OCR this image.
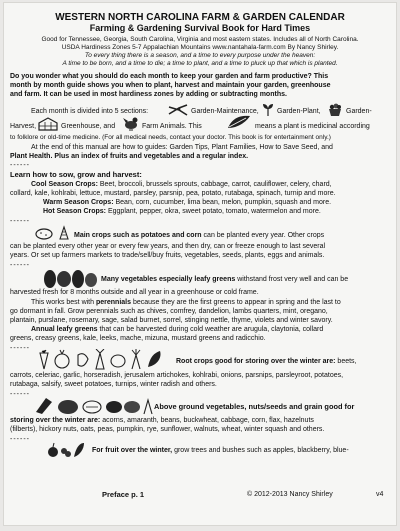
WESTERN NORTH CAROLINA FARM & GARDEN CALENDAR
Farming & Gardening Survival Book for Hard Times
Good for Tennessee, Georgia, South Carolina, Virginia and most eastern states. Includes all of North Carolina.
USDA Hardiness Zones 5-7 Appalachian Mountains www.nantahala-farm.com By Nancy Shirley.
To every thing there is a season, and a time to every purpose under the heaven:
A time to be born, and a time to die; a time to plant, and a time to pluck up that which is planted.
Do you wonder what you should do each month to keep your garden and farm productive? This
month by month guide shows you when to plant, harvest and maintain your garden, greenhouse
and farm. It can be used in most hardiness zones by adding or subtracting months.
Each month is divided into 5 sections:	Garden-Maintenance,	Garden-Plant,	Garden-
Harvest,	Greenhouse, and	Farm Animals. This	means a plant is medicinal according
to folklore or old-time medicine. (For all medical needs, contact your doctor. This book is for entertainment only.)
At the end of this manual are how to guides: Garden Tips, Plant Families, How to Save Seed, and
Plant Health. Plus an index of fruits and vegetables and a regular index.
------
Learn how to sow, grow and harvest:
Cool Season Crops: Beet, broccoli, brussels sprouts, cabbage, carrot, cauliflower, celery, chard,
collard, kale, kohlrabi, lettuce, mustard, parsley, parsnip, pea, potato, rutabaga, spinach, turnip and more.
Warm Season Crops: Bean, corn, cucumber, lima bean, melon, pumpkin, squash and more.
Hot Season Crops: Eggplant, pepper, okra, sweet potato, tomato, watermelon and more.
------
Main crops such as potatoes and corn can be planted every year. Other crops
can be planted every other year or every few years, and then dry, can or freeze enough to last several
years. Or set up farmers markets to trade/sell/buy fruits, vegetables, seeds, plants, eggs and animals.
------
Many vegetables especially leafy greens withstand frost very well and can be
harvested fresh for 8 months outside and all year in a greenhouse or cold frame.
This works best with perennials because they are the first greens to appear in spring and the last to
go dormant in fall. Grow perennials such as chives, comfrey, dandelion, lambs quarters, mint, oregano,
plantain, purslane, rosemary, sage, salad burnet, sorrel, stinging nettle, thyme, violets and winter savory.
Annual leafy greens that can be harvested during cold weather are arugula, claytonia, collard
greens, creasy greens, kale, leeks, mache, mizuna, mustard greens and radicchio.
------
Root crops good for storing over the winter are: beets,
carrots, celeriac, garlic, horseradish, jerusalem artichokes, kohlrabi, onions, parsnips, parsleyroot, potatoes,
rutabaga, salsify, sweet potatoes, turnips, winter radish and others.
------
Above ground vegetables, nuts/seeds and grain good for
storing over the winter are: acorns, amaranth, beans, buckwheat, cabbage, corn, flax, hazelnuts
(filberts), hickory nuts, oats, peas, pumpkin, rye, sunflower, walnuts, wheat, winter squash and others.
------
For fruit over the winter, grow trees and bushes such as apples, blackberry, blue-
Preface p. 1	© 2012-2013 Nancy Shirley	v4
